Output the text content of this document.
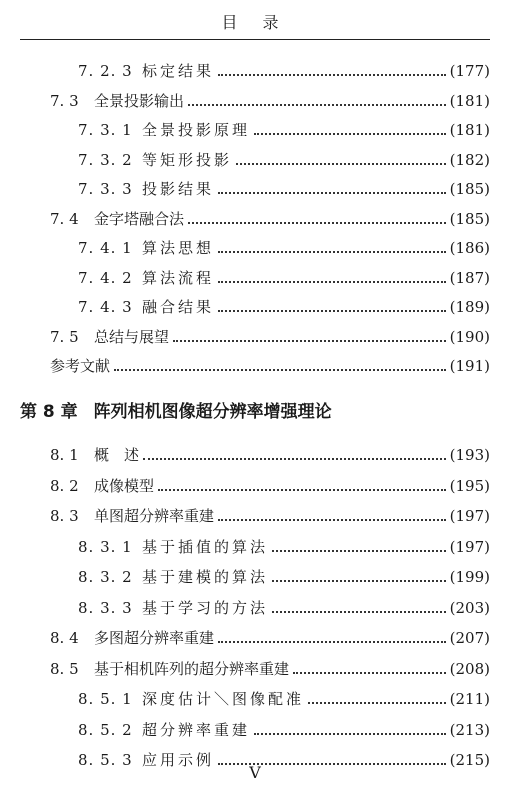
目 录
7. 2. 3 标定结果	(177)
7. 3	全景投影输出	(181)
7. 3. 1 全景投影原理	(181)
7. 3. 2 等矩形投影	(182)
7. 3. 3 投影结果	(185)
7. 4	金字塔融合法	(185)
7. 4. 1 算法思想	(186)
7. 4. 2 算法流程	(187)
7. 4. 3 融合结果	(189)
7. 5	总结与展望	(190)
参考文献	(191)
第 8 章 阵列相机图像超分辨率增强理论
8. 1	概　述	(193)
8. 2	成像模型	(195)
8. 3	单图超分辨率重建	(197)
8. 3. 1 基于插值的算法	(197)
8. 3. 2 基于建模的算法	(199)
8. 3. 3 基于学习的方法	(203)
8. 4	多图超分辨率重建	(207)
8. 5	基于相机阵列的超分辨率重建	(208)
8. 5. 1 深度估计＼图像配准	(211)
8. 5. 2 超分辨率重建	(213)
8. 5. 3 应用示例	(215)
V
